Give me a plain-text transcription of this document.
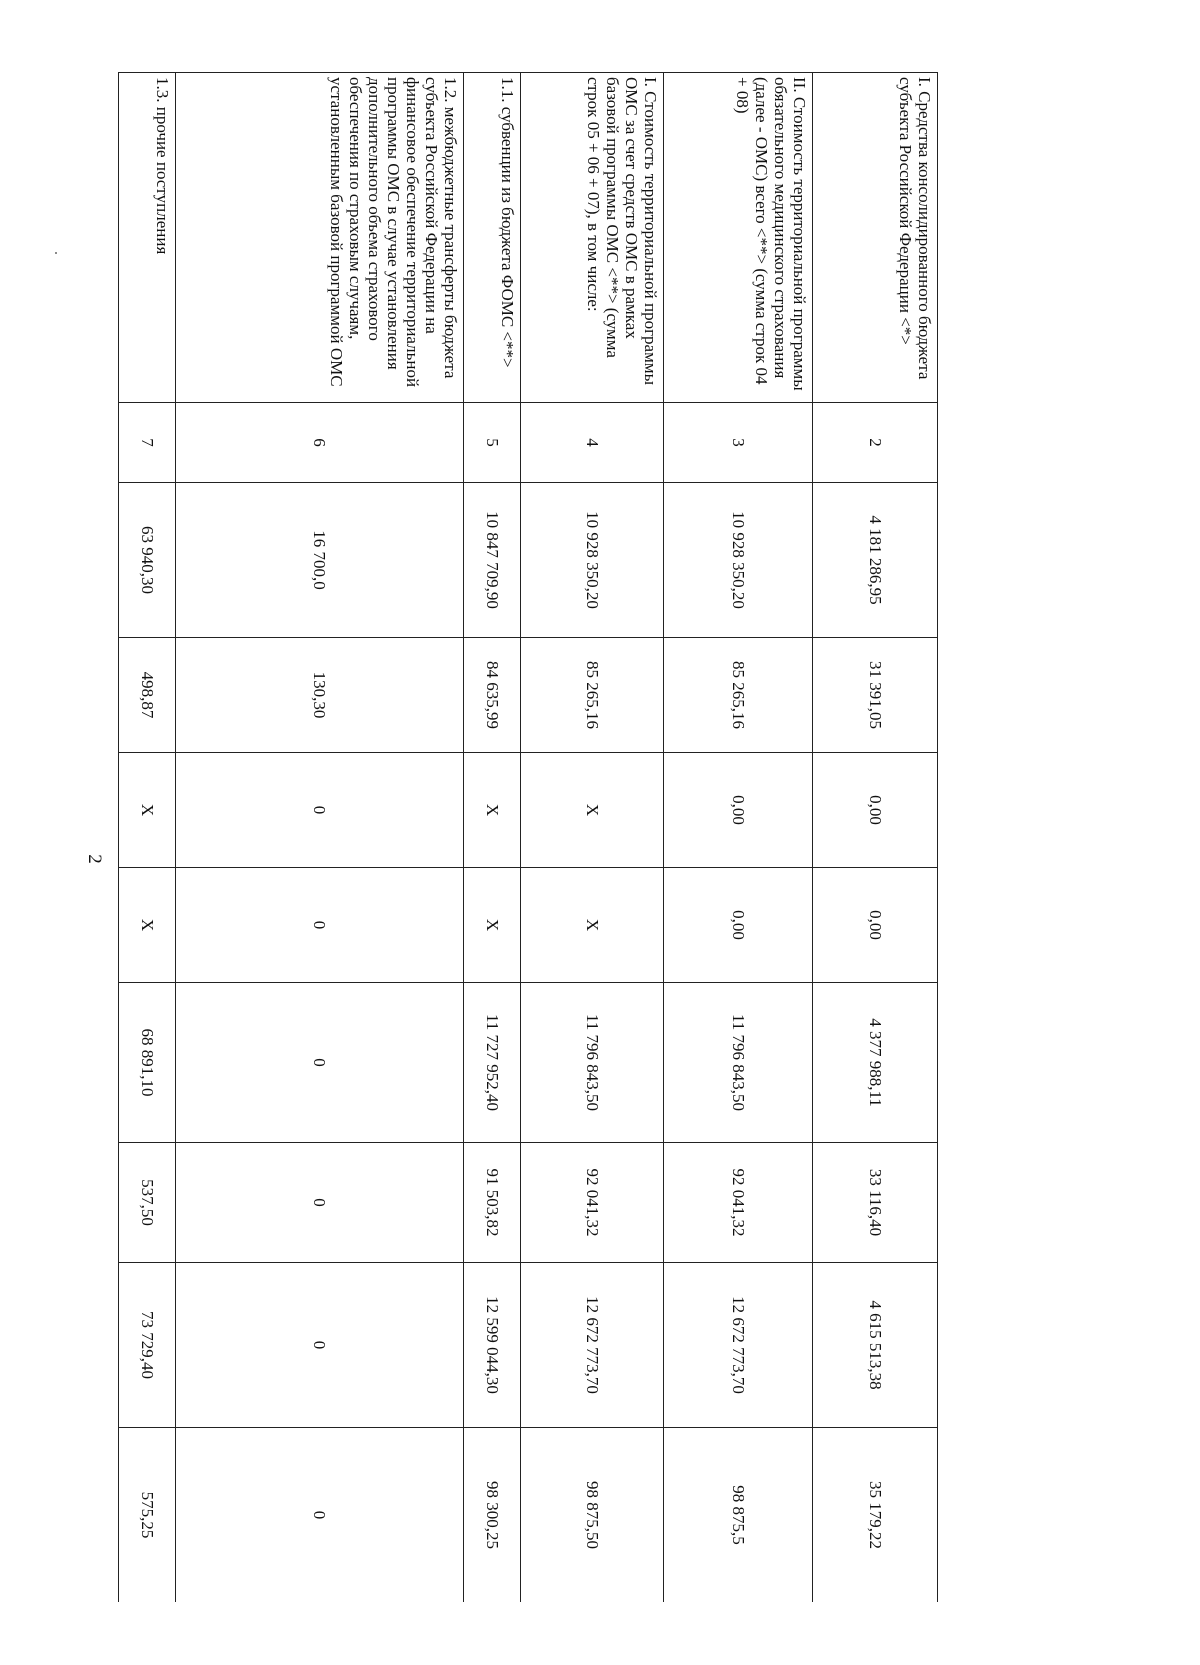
2
I. Средства консолидированного бюджета субъекта Российской Федерации <*>	2	4 181 286,95	31 391,05	0,00	0,00	4 377 988,11	33 116,40	4 615 513,38	35 179,22
II. Стоимость территориальной программы обязательного медицинского страхования (далее - ОМС) всего <**> (сумма строк 04 + 08)	3	10 928 350,20	85 265,16	0,00	0,00	11 796 843,50	92 041,32	12 672 773,70	98 875,5
I. Стоимость территориальной программы ОМС за счет средств ОМС в рамках базовой программы ОМС <**> (сумма строк 05 + 06 + 07), в том числе:	4	10 928 350,20	85 265,16	X	X	11 796 843,50	92 041,32	12 672 773,70	98 875,50
1.1. субвенции из бюджета ФОМС <**>	5	10 847 709,90	84 635,99	X	X	11 727 952,40	91 503,82	12 599 044,30	98 300,25
1.2. межбюджетные трансферты бюджета субъекта Российской Федерации на финансовое обеспечение территориальной программы ОМС в случае установления дополнительного объема страхового обеспечения по страховым случаям, установленным базовой программой ОМС	6	16 700,0	130,30	0	0	0	0	0	0
1.3. прочие поступления	7	63 940,30	498,87	X	X	68 891,10	537,50	73 729,40	575,25
